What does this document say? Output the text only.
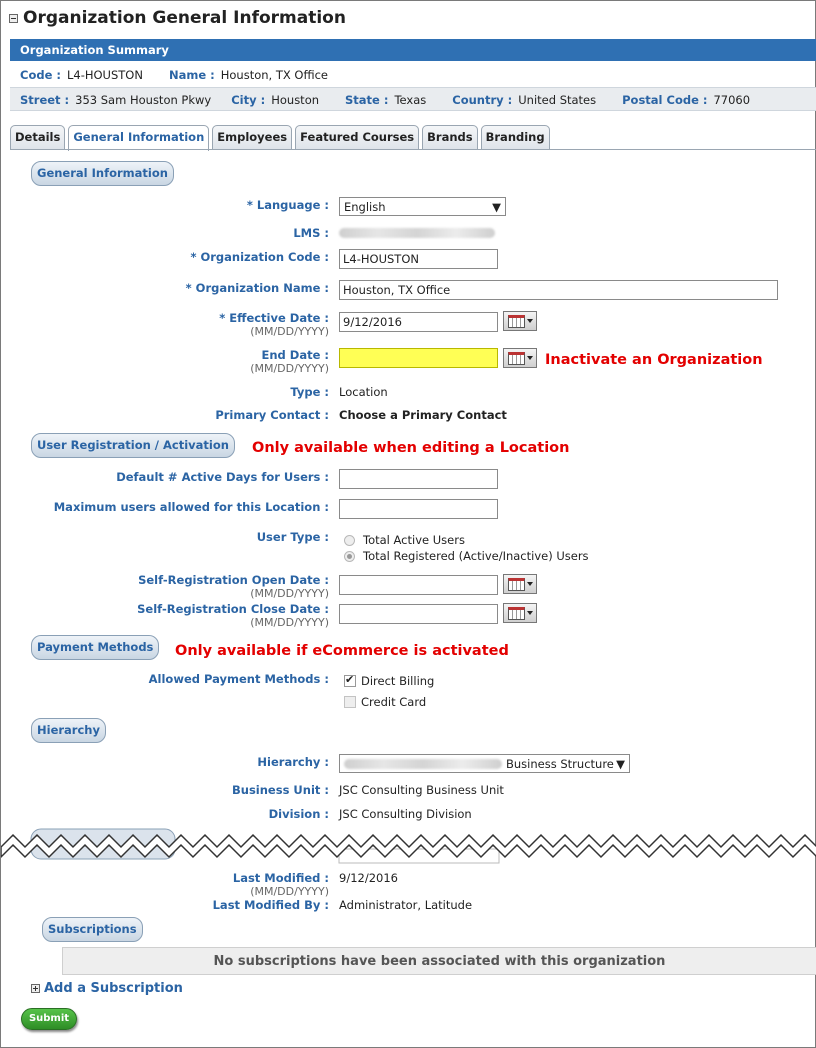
Organization General Information
Organization Summary
Code : L4-HOUSTON Name : Houston, TX Office
Street : 353 Sam Houston Pkwy City : Houston State : Texas Country : United States Postal Code : 77060
Details	General Information	Employees	Featured Courses	Brands	Branding
General Information
* Language : English	▼
LMS :
* Organization Code :	L4-HOUSTON
* Organization Name :	Houston, TX Office
* Effective Date :
(MM/DD/YYYY)
9/12/2016
End Date :
(MM/DD/YYYY)
Inactivate an Organization
Type : Location
Primary Contact : Choose a Primary Contact
User Registration / Activation	Only available when editing a Location
Default # Active Days for Users :
Maximum users allowed for this Location :
User Type :	Total Active Users
Total Registered (Active/Inactive) Users
Self-Registration Open Date :
(MM/DD/YYYY)
Self-Registration Close Date :
(MM/DD/YYYY)
Payment Methods	Only available if eCommerce is activated
Allowed Payment Methods :
✔	Direct Billing
Credit Card
Hierarchy
Hierarchy :	Business Structure ▼
Business Unit : JSC Consulting Business Unit
Division : JSC Consulting Division
Last Modified :
(MM/DD/YYYY)
9/12/2016
Last Modified By : Administrator, Latitude
Subscriptions
No subscriptions have been associated with this organization
Add a Subscription
Submit
